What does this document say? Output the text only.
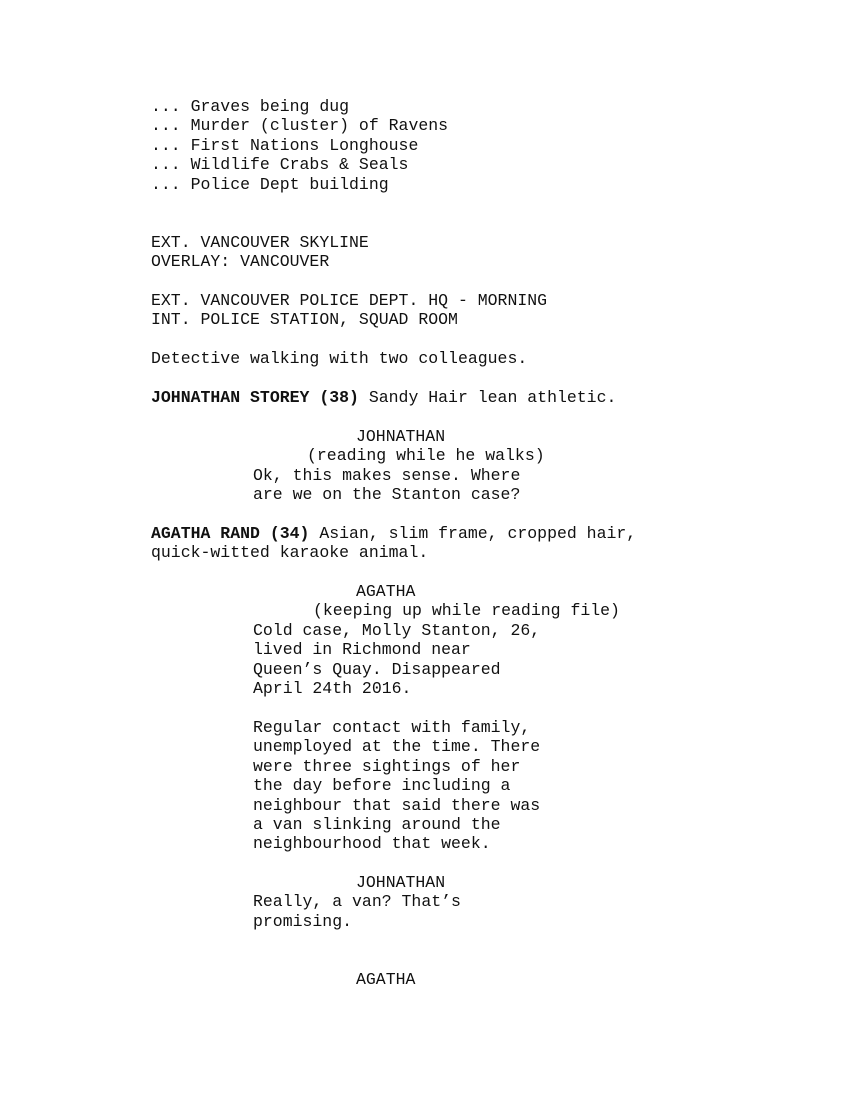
... Graves being dug
... Murder (cluster) of Ravens
... First Nations Longhouse
... Wildlife Crabs & Seals
... Police Dept building
EXT. VANCOUVER SKYLINE
OVERLAY: VANCOUVER
EXT. VANCOUVER POLICE DEPT. HQ - MORNING
INT. POLICE STATION, SQUAD ROOM
Detective walking with two colleagues.
JOHNATHAN STOREY (38) Sandy Hair lean athletic.
JOHNATHAN
(reading while he walks)
Ok, this makes sense. Where
are we on the Stanton case?
AGATHA RAND (34) Asian, slim frame, cropped hair,
quick-witted karaoke animal.
AGATHA
(keeping up while reading file)
Cold case, Molly Stanton, 26,
lived in Richmond near
Queen’s Quay. Disappeared
April 24th 2016.
Regular contact with family,
unemployed at the time. There
were three sightings of her
the day before including a
neighbour that said there was
a van slinking around the
neighbourhood that week.
JOHNATHAN
Really, a van? That’s
promising.
AGATHA
